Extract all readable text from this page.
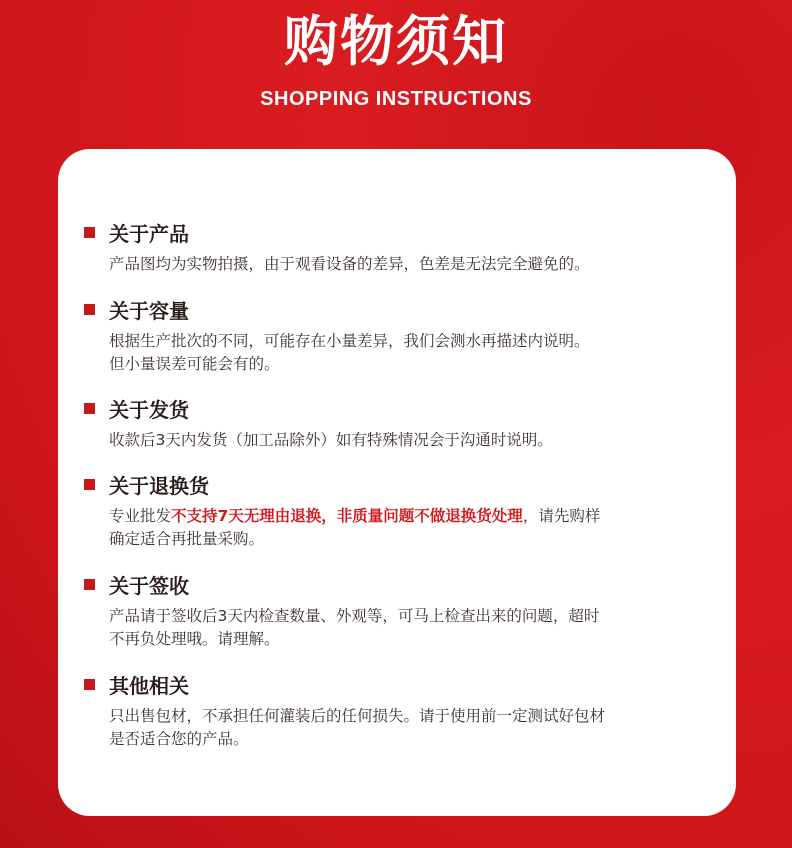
购物须知
SHOPPING INSTRUCTIONS
关于产品
产品图均为实物拍摄，由于观看设备的差异，色差是无法完全避免的。
关于容量
根据生产批次的不同，可能存在小量差异，我们会测水再描述内说明。
但小量误差可能会有的。
关于发货
收款后3天内发货（加工品除外）如有特殊情况会于沟通时说明。
关于退换货
专业批发不支持7天无理由退换，非质量问题不做退换货处理，请先购样
确定适合再批量采购。
关于签收
产品请于签收后3天内检查数量、外观等，可马上检查出来的问题，超时
不再负处理哦。请理解。
其他相关
只出售包材，不承担任何灌装后的任何损失。请于使用前一定测试好包材
是否适合您的产品。
